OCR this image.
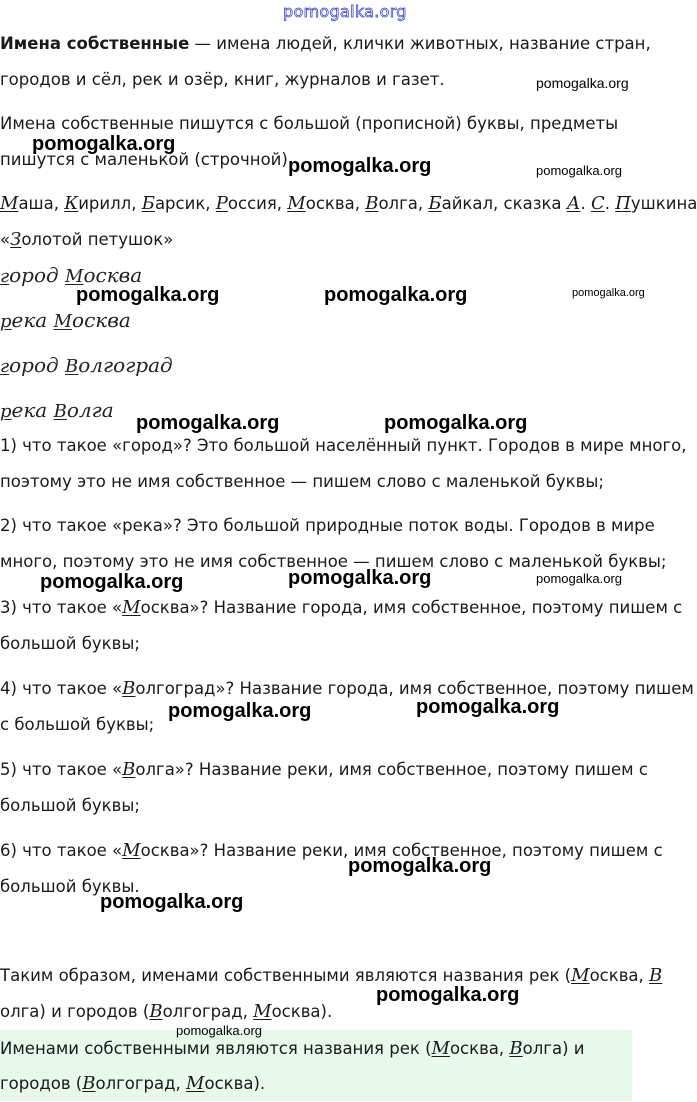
pomogalka.org
Имена собственные — имена людей, клички животных, название стран,
городов и сёл, рек и озёр, книг, журналов и газет.
Имена собственные пишутся с большой (прописной) буквы, предметы
пишутся с маленькой (строчной).
Маша, Кирилл, Барсик, Россия, Москва, Волга, Байкал, сказка А. С. Пушкина
«Золотой петушок»
город Москва
река Москва
город Волгоград
река Волга
1) что такое «город»? Это большой населённый пункт. Городов в мире много,
поэтому это не имя собственное — пишем слово с маленькой буквы;
2) что такое «река»? Это большой природные поток воды. Городов в мире
много, поэтому это не имя собственное — пишем слово с маленькой буквы;
3) что такое «Москва»? Название города, имя собственное, поэтому пишем с
большой буквы;
4) что такое «Волгоград»? Название города, имя собственное, поэтому пишем
с большой буквы;
5) что такое «Волга»? Название реки, имя собственное, поэтому пишем с
большой буквы;
6) что такое «Москва»? Название реки, имя собственное, поэтому пишем с
большой буквы.
Таким образом, именами собственными являются названия рек (Москва, В
олга) и городов (Волгоград, Москва).
Именами собственными являются названия рек (Москва, Волга) и
городов (Волгоград, Москва).
pomogalka.org
pomogalka.org
pomogalka.org	pomogalka.org
pomogalka.org	pomogalka.org
pomogalka.org	pomogalka.org
pomogalka.org	pomogalka.org
pomogalka.org
pomogalka.org
pomogalka.org
pomogalka.org
pomogalka.org
pomogalka.org
pomogalka.org
pomogalka.org
